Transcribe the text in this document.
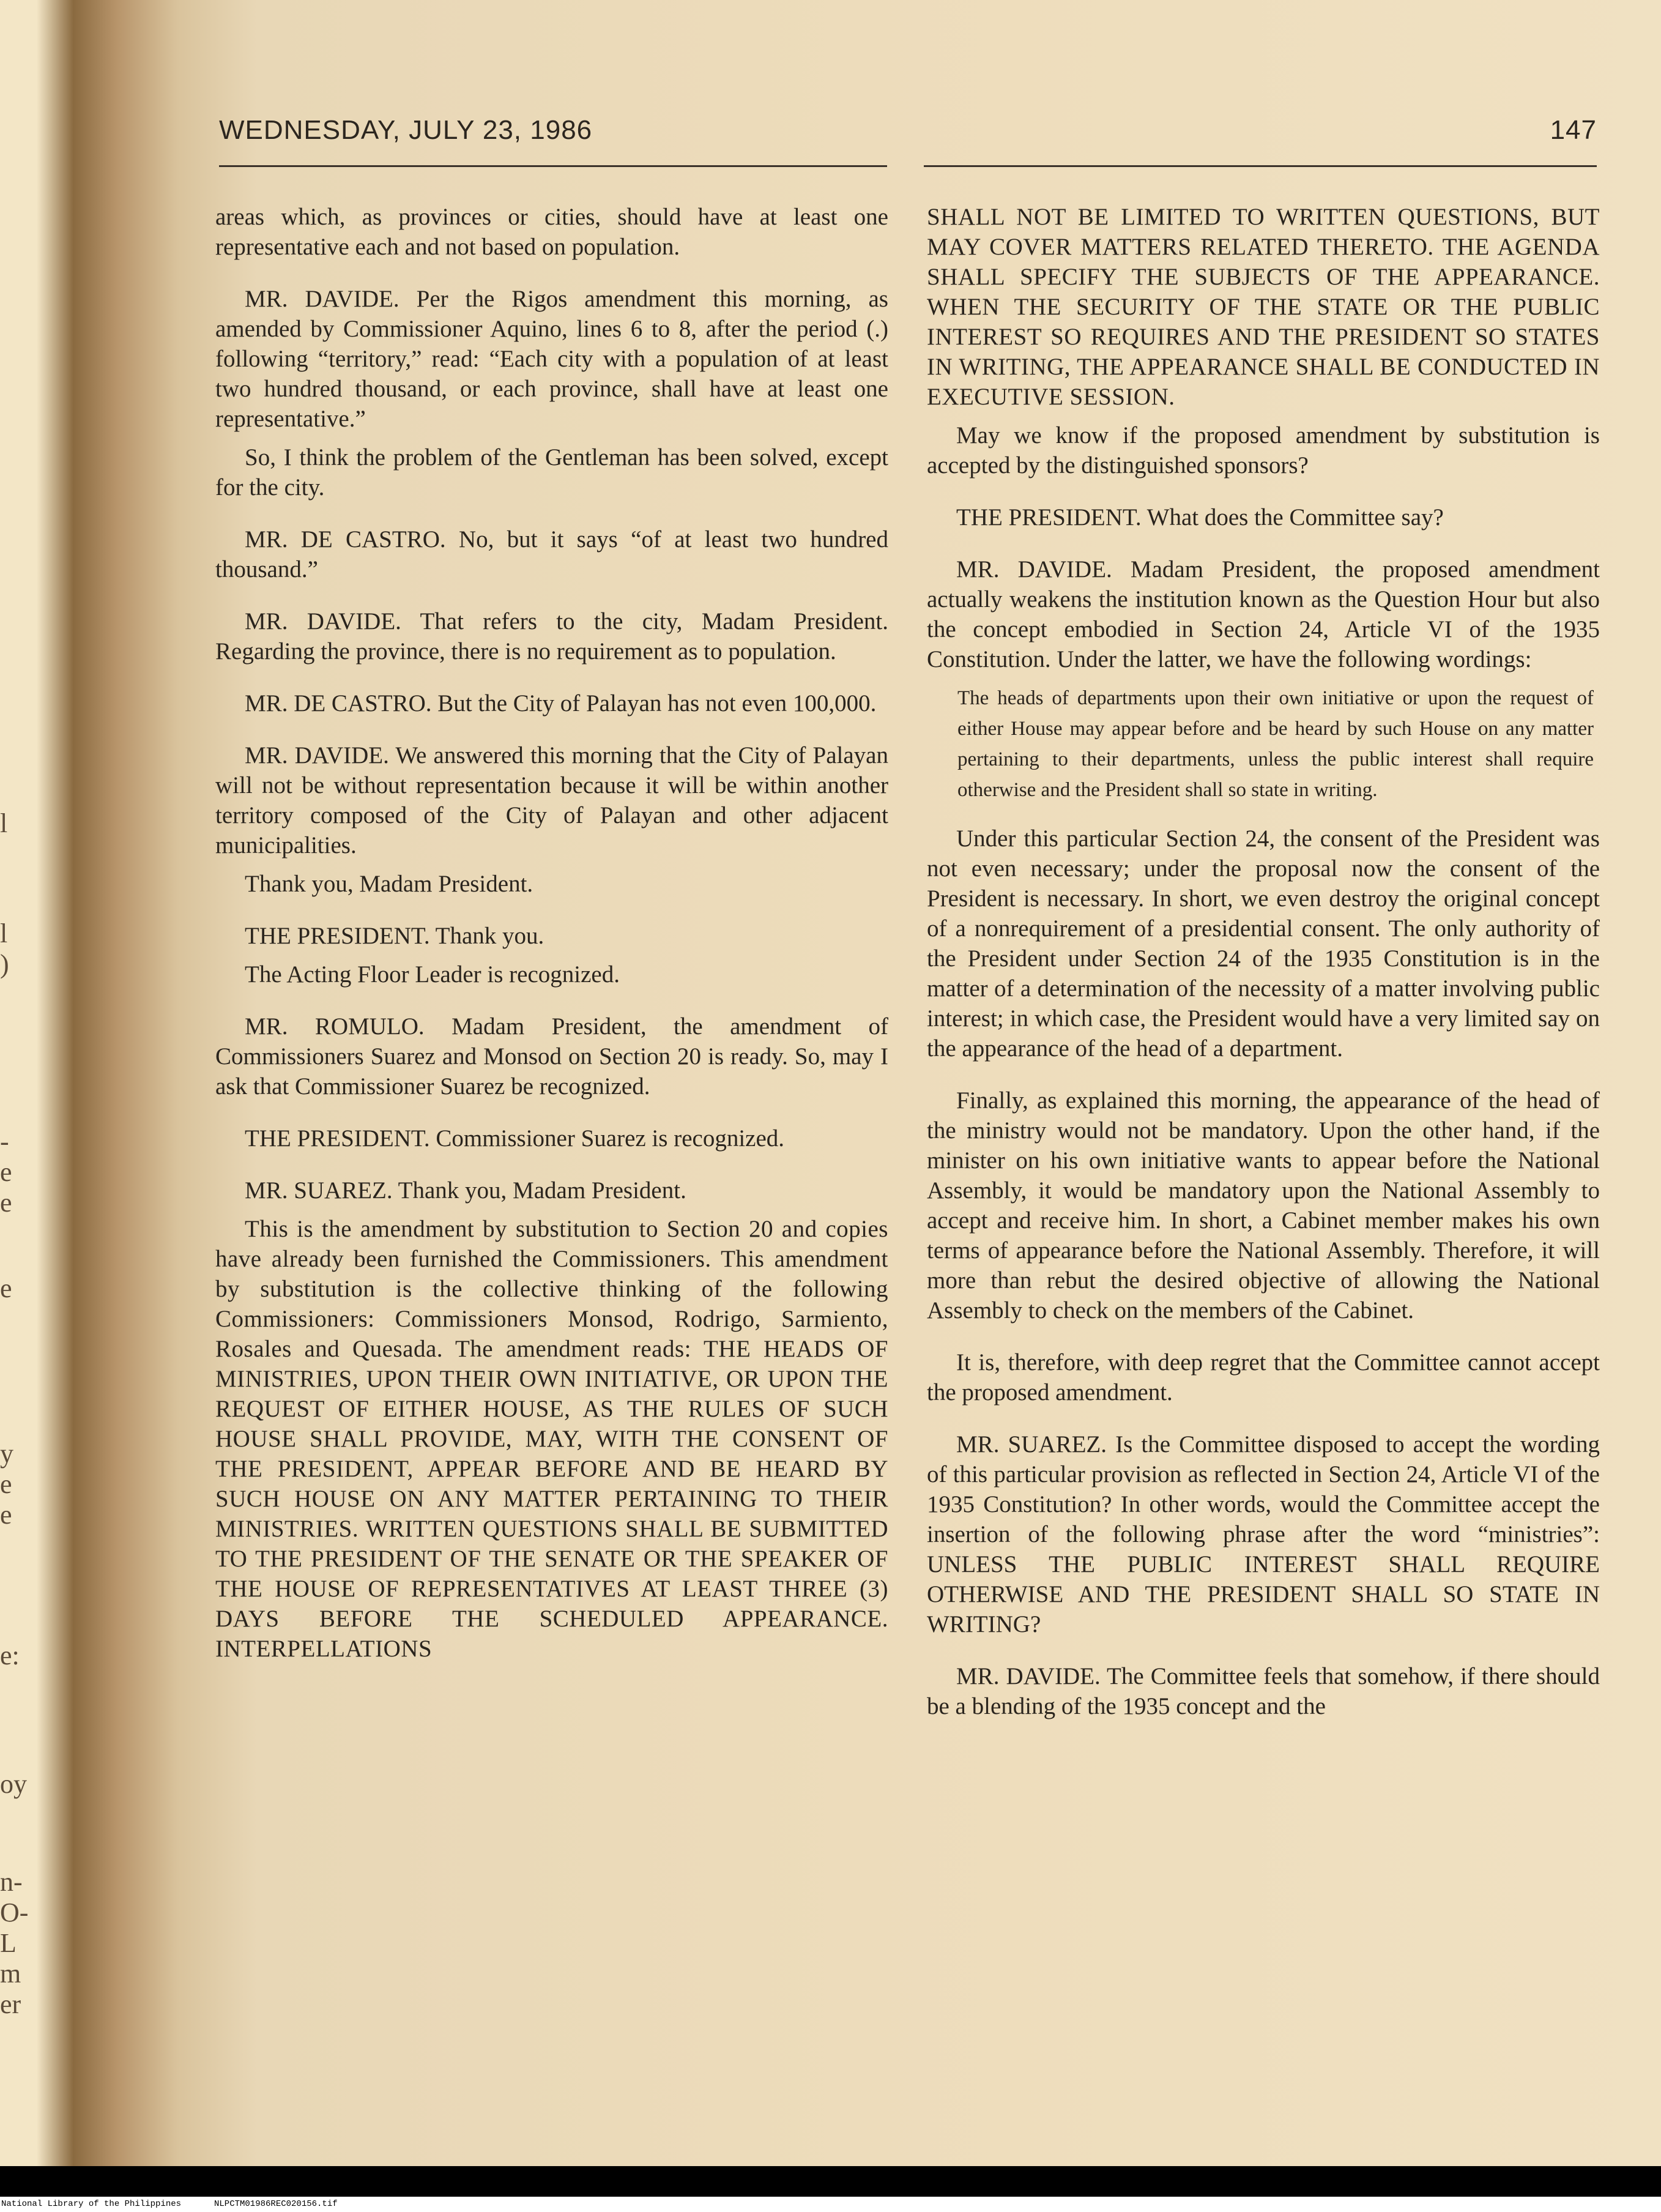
l
l
)
-
e
e
e
y
e
e
e:
oy
n-
O-
L
m
er
WEDNESDAY, JULY 23, 1986	147

areas which, as provinces or cities, should have at least one representative each and not based on population.

MR. DAVIDE. Per the Rigos amendment this morning, as amended by Commissioner Aquino, lines 6 to 8, after the period (.) following “territory,” read: “Each city with a population of at least two hundred thousand, or each province, shall have at least one representative.”

So, I think the problem of the Gentleman has been solved, except for the city.

MR. DE CASTRO. No, but it says “of at least two hundred thousand.”

MR. DAVIDE. That refers to the city, Madam President. Regarding the province, there is no requirement as to population.

MR. DE CASTRO. But the City of Palayan has not even 100,000.

MR. DAVIDE. We answered this morning that the City of Palayan will not be without representation because it will be within another territory composed of the City of Palayan and other adjacent municipalities.

Thank you, Madam President.

THE PRESIDENT. Thank you.

The Acting Floor Leader is recognized.

MR. ROMULO. Madam President, the amendment of Commissioners Suarez and Monsod on Section 20 is ready. So, may I ask that Commissioner Suarez be recognized.

THE PRESIDENT. Commissioner Suarez is recognized.

MR. SUAREZ. Thank you, Madam President.

This is the amendment by substitution to Section 20 and copies have already been furnished the Commissioners. This amendment by substitution is the collective thinking of the following Commissioners: Commissioners Monsod, Rodrigo, Sarmiento, Rosales and Quesada. The amendment reads: THE HEADS OF MINISTRIES, UPON THEIR OWN INITIATIVE, OR UPON THE REQUEST OF EITHER HOUSE, AS THE RULES OF SUCH HOUSE SHALL PROVIDE, MAY, WITH THE CONSENT OF THE PRESIDENT, APPEAR BEFORE AND BE HEARD BY SUCH HOUSE ON ANY MATTER PERTAINING TO THEIR MINISTRIES. WRITTEN QUESTIONS SHALL BE SUBMITTED TO THE PRESIDENT OF THE SENATE OR THE SPEAKER OF THE HOUSE OF REPRESENTATIVES AT LEAST THREE (3) DAYS BEFORE THE SCHEDULED APPEARANCE. INTERPELLATIONS

SHALL NOT BE LIMITED TO WRITTEN QUESTIONS, BUT MAY COVER MATTERS RELATED THERETO. THE AGENDA SHALL SPECIFY THE SUBJECTS OF THE APPEARANCE. WHEN THE SECURITY OF THE STATE OR THE PUBLIC INTEREST SO REQUIRES AND THE PRESIDENT SO STATES IN WRITING, THE APPEARANCE SHALL BE CONDUCTED IN EXECUTIVE SESSION.

May we know if the proposed amendment by substitution is accepted by the distinguished sponsors?

THE PRESIDENT. What does the Committee say?

MR. DAVIDE. Madam President, the proposed amendment actually weakens the institution known as the Question Hour but also the concept embodied in Section 24, Article VI of the 1935 Constitution. Under the latter, we have the following wordings:

The heads of departments upon their own initiative or upon the request of either House may appear before and be heard by such House on any matter pertaining to their departments, unless the public interest shall require otherwise and the President shall so state in writing.

Under this particular Section 24, the consent of the President was not even necessary; under the proposal now the consent of the President is necessary. In short, we even destroy the original concept of a nonrequirement of a presidential consent. The only authority of the President under Section 24 of the 1935 Constitution is in the matter of a determination of the necessity of a matter involving public interest; in which case, the President would have a very limited say on the appearance of the head of a department.

Finally, as explained this morning, the appearance of the head of the ministry would not be mandatory. Upon the other hand, if the minister on his own initiative wants to appear before the National Assembly, it would be mandatory upon the National Assembly to accept and receive him. In short, a Cabinet member makes his own terms of appearance before the National Assembly. Therefore, it will more than rebut the desired objective of allowing the National Assembly to check on the members of the Cabinet.

It is, therefore, with deep regret that the Committee cannot accept the proposed amendment.

MR. SUAREZ. Is the Committee disposed to accept the wording of this particular provision as reflected in Section 24, Article VI of the 1935 Constitution? In other words, would the Committee accept the insertion of the following phrase after the word “ministries”: UNLESS THE PUBLIC INTEREST SHALL REQUIRE OTHERWISE AND THE PRESIDENT SHALL SO STATE IN WRITING?

MR. DAVIDE. The Committee feels that somehow, if there should be a blending of the 1935 concept and the

National Library of the Philippines	NLPCTM01986REC020156.tif
